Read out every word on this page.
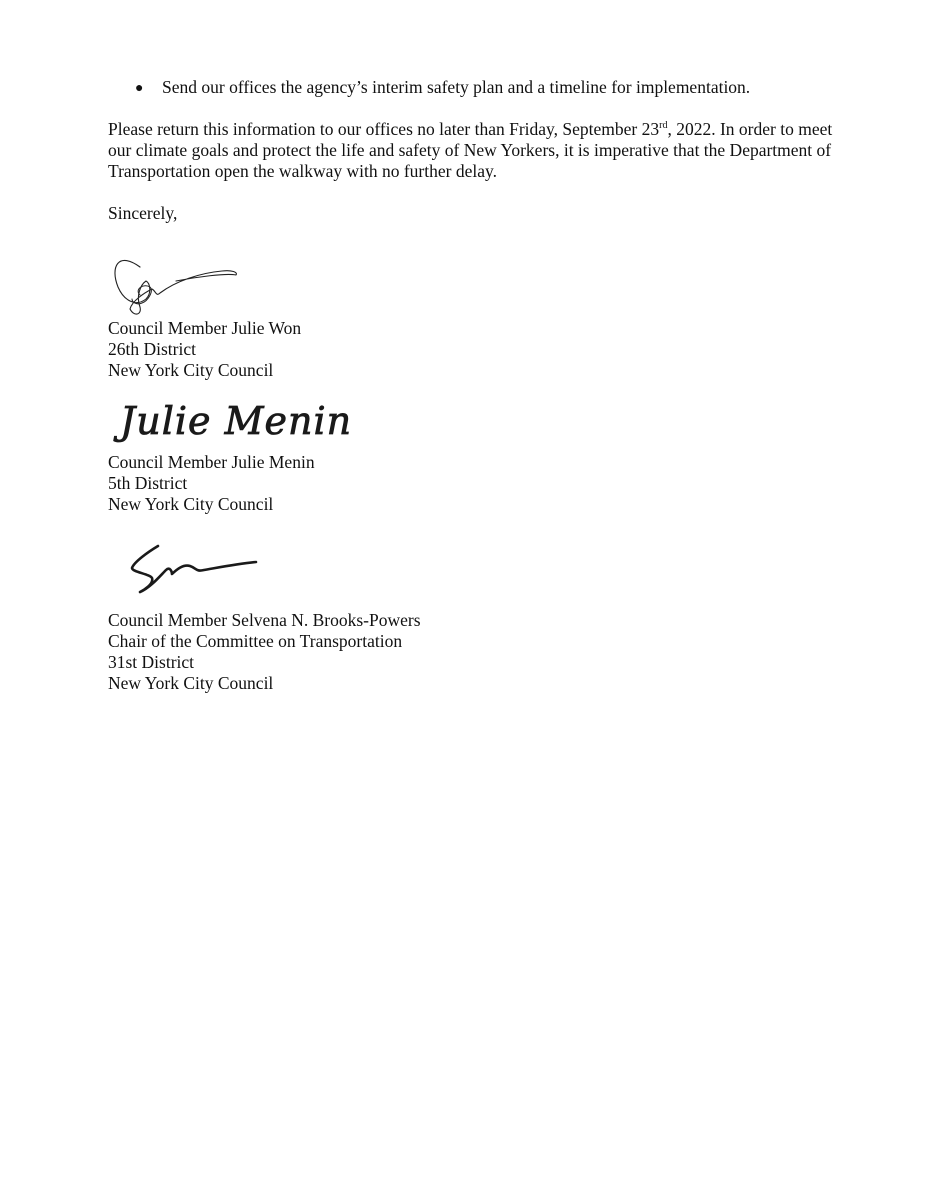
● Send our offices the agency’s interim safety plan and a timeline for implementation.
Please return this information to our offices no later than Friday, September 23rd, 2022. In order to meet our climate goals and protect the life and safety of New Yorkers, it is imperative that the Department of Transportation open the walkway with no further delay.
Sincerely,
Council Member Julie Won
26th District
New York City Council
Julie Menin
Council Member Julie Menin
5th District
New York City Council
Council Member Selvena N. Brooks-Powers
Chair of the Committee on Transportation
31st District
New York City Council
